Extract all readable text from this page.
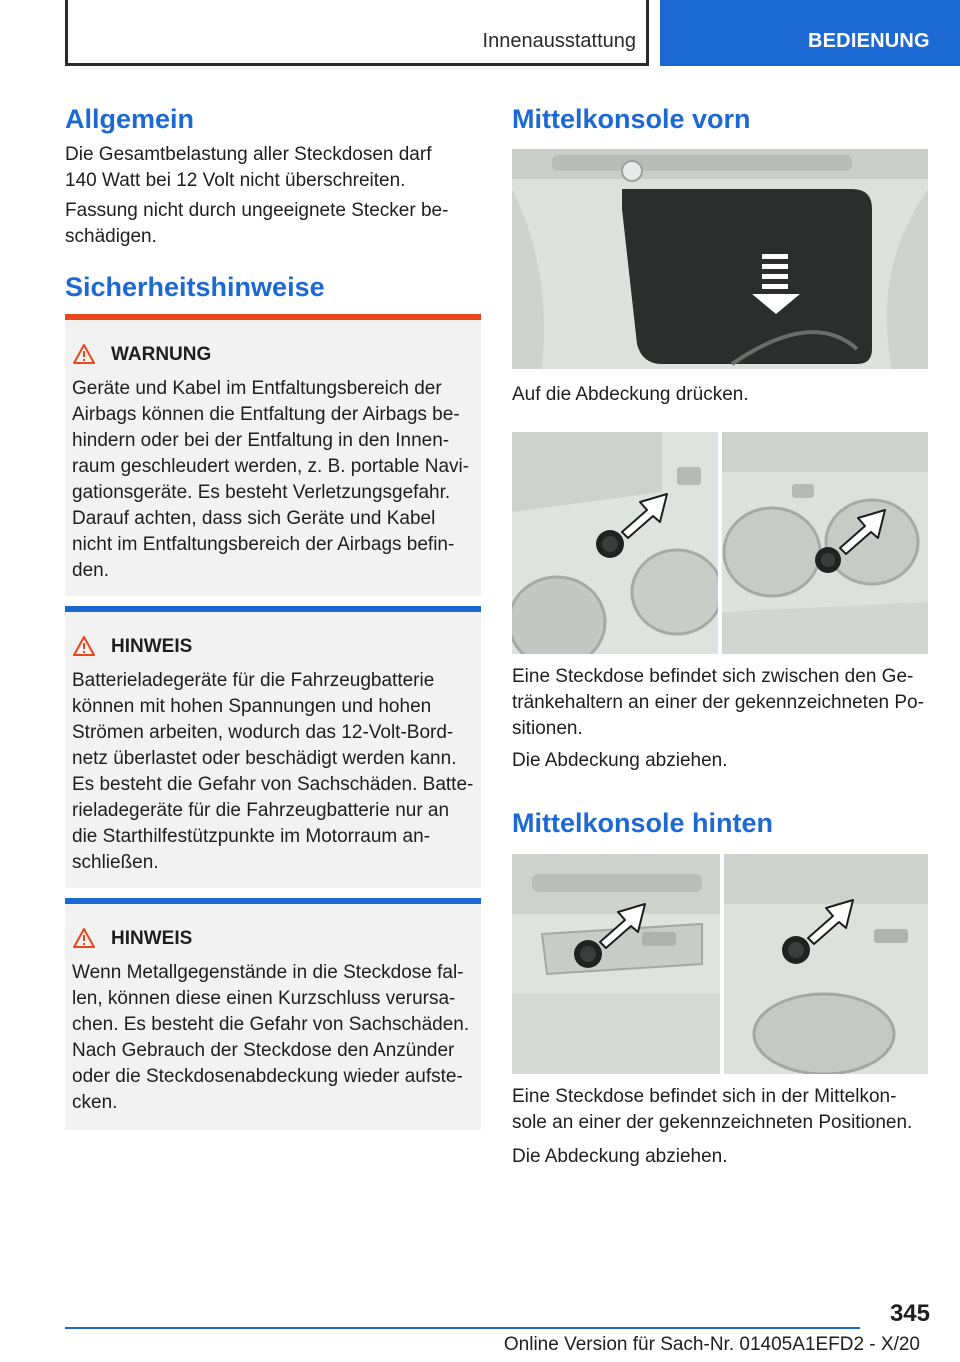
Innenausstattung	BEDIENUNG
Allgemein

Die Gesamtbelastung aller Steckdosen darf

140 Watt bei 12 Volt nicht überschreiten.

Fassung nicht durch ungeeignete Stecker be-

schädigen.

Sicherheitshinweise
WARNUNG
Geräte und Kabel im Entfaltungsbereich der
Airbags können die Entfaltung der Airbags be-
hindern oder bei der Entfaltung in den Innen-
raum geschleudert werden, z. B. portable Navi-
gationsgeräte. Es besteht Verletzungsgefahr.
Darauf achten, dass sich Geräte und Kabel
nicht im Entfaltungsbereich der Airbags befin-
den.
HINWEIS
Batterieladegeräte für die Fahrzeugbatterie
können mit hohen Spannungen und hohen
Strömen arbeiten, wodurch das 12-Volt-Bord-
netz überlastet oder beschädigt werden kann.
Es besteht die Gefahr von Sachschäden. Batte-
rieladegeräte für die Fahrzeugbatterie nur an
die Starthilfestützpunkte im Motorraum an-
schließen.
HINWEIS
Wenn Metallgegenstände in die Steckdose fal-
len, können diese einen Kurzschluss verursa-
chen. Es besteht die Gefahr von Sachschäden.
Nach Gebrauch der Steckdose den Anzünder
oder die Steckdosenabdeckung wieder aufste-
cken.
Mittelkonsole vorn

Auf die Abdeckung drücken.

Eine Steckdose befindet sich zwischen den Ge-

tränkehaltern an einer der gekennzeichneten Po-

sitionen.

Die Abdeckung abziehen.

Mittelkonsole hinten

Eine Steckdose befindet sich in der Mittelkon-

sole an einer der gekennzeichneten Positionen.

Die Abdeckung abziehen.

345
Online Version für Sach-Nr. 01405A1EFD2 - X/20
